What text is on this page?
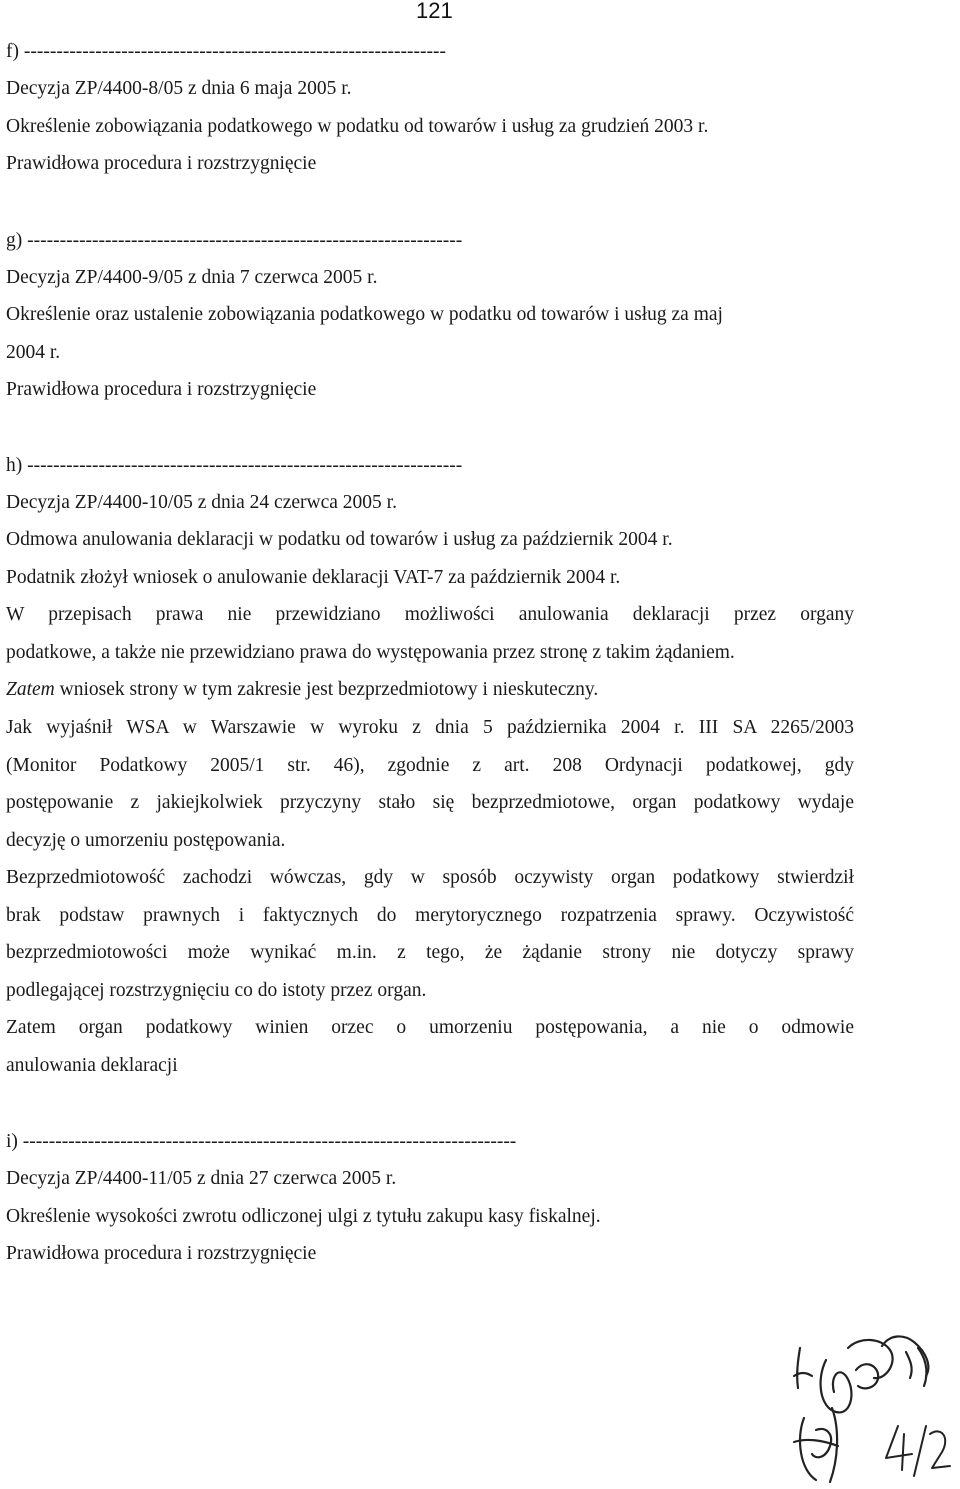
121
f) -----------------------------------------------------------------
Decyzja ZP/4400-8/05 z dnia 6 maja 2005 r.
Określenie zobowiązania podatkowego w podatku od towarów i usług za grudzień 2003 r.
Prawidłowa procedura i rozstrzygnięcie
g) -------------------------------------------------------------------
Decyzja ZP/4400-9/05 z dnia 7 czerwca 2005 r.
Określenie oraz ustalenie zobowiązania podatkowego w podatku od towarów i usług za maj
2004 r.
Prawidłowa procedura i rozstrzygnięcie
h) -------------------------------------------------------------------
Decyzja ZP/4400-10/05 z dnia 24 czerwca 2005 r.
Odmowa anulowania deklaracji w podatku od towarów i usług za październik 2004 r.
Podatnik złożył wniosek o anulowanie deklaracji VAT-7 za październik 2004 r.
W przepisach prawa nie przewidziano możliwości anulowania deklaracji przez organy
podatkowe, a także nie przewidziano prawa do występowania przez stronę z takim żądaniem.
Zatem wniosek strony w tym zakresie jest bezprzedmiotowy i nieskuteczny.
Jak wyjaśnił WSA w Warszawie w wyroku z dnia 5 października 2004 r. III SA 2265/2003
(Monitor Podatkowy 2005/1 str. 46), zgodnie z art. 208 Ordynacji podatkowej, gdy
postępowanie z jakiejkolwiek przyczyny stało się bezprzedmiotowe, organ podatkowy wydaje
decyzję o umorzeniu postępowania.
Bezprzedmiotowość zachodzi wówczas, gdy w sposób oczywisty organ podatkowy stwierdził
brak podstaw prawnych i faktycznych do merytorycznego rozpatrzenia sprawy. Oczywistość
bezprzedmiotowości może wynikać m.in. z tego, że żądanie strony nie dotyczy sprawy
podlegającej rozstrzygnięciu co do istoty przez organ.
Zatem organ podatkowy winien orzec o umorzeniu postępowania, a nie o odmowie
anulowania deklaracji
i) ----------------------------------------------------------------------------
Decyzja ZP/4400-11/05 z dnia 27 czerwca 2005 r.
Określenie wysokości zwrotu odliczonej ulgi z tytułu zakupu kasy fiskalnej.
Prawidłowa procedura i rozstrzygnięcie
